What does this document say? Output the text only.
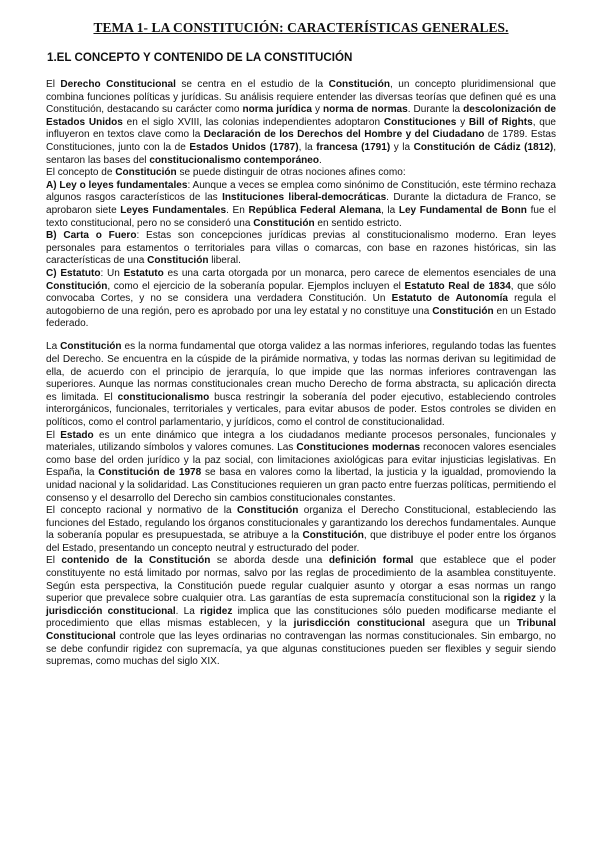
TEMA 1- LA CONSTITUCIÓN: CARACTERÍSTICAS GENERALES.
1.EL CONCEPTO Y CONTENIDO DE LA CONSTITUCIÓN

El Derecho Constitucional se centra en el estudio de la Constitución, un concepto pluridimensional que combina funciones políticas y jurídicas. Su análisis requiere entender las diversas teorías que definen qué es una Constitución, destacando su carácter como norma jurídica y norma de normas. Durante la descolonización de Estados Unidos en el siglo XVIII, las colonias independientes adoptaron Constituciones y Bill of Rights, que influyeron en textos clave como la Declaración de los Derechos del Hombre y del Ciudadano de 1789. Estas Constituciones, junto con la de Estados Unidos (1787), la francesa (1791) y la Constitución de Cádiz (1812), sentaron las bases del constitucionalismo contemporáneo.

El concepto de Constitución se puede distinguir de otras nociones afines como:

A) Ley o leyes fundamentales: Aunque a veces se emplea como sinónimo de Constitución, este término rechaza algunos rasgos característicos de las Instituciones liberal-democráticas. Durante la dictadura de Franco, se aprobaron siete Leyes Fundamentales. En República Federal Alemana, la Ley Fundamental de Bonn fue el texto constitucional, pero no se consideró una Constitución en sentido estricto.

B) Carta o Fuero: Estas son concepciones jurídicas previas al constitucionalismo moderno. Eran leyes personales para estamentos o territoriales para villas o comarcas, con base en razones históricas, sin las características de una Constitución liberal.

C) Estatuto: Un Estatuto es una carta otorgada por un monarca, pero carece de elementos esenciales de una Constitución, como el ejercicio de la soberanía popular. Ejemplos incluyen el Estatuto Real de 1834, que sólo convocaba Cortes, y no se considera una verdadera Constitución. Un Estatuto de Autonomía regula el autogobierno de una región, pero es aprobado por una ley estatal y no constituye una Constitución en un Estado federado.

La Constitución es la norma fundamental que otorga validez a las normas inferiores, regulando todas las fuentes del Derecho. Se encuentra en la cúspide de la pirámide normativa, y todas las normas derivan su legitimidad de ella, de acuerdo con el principio de jerarquía, lo que impide que las normas inferiores contravengan las superiores. Aunque las normas constitucionales crean mucho Derecho de forma abstracta, su aplicación directa es limitada. El constitucionalismo busca restringir la soberanía del poder ejecutivo, estableciendo controles interorgánicos, funcionales, territoriales y verticales, para evitar abusos de poder. Estos controles se dividen en políticos, como el control parlamentario, y jurídicos, como el control de constitucionalidad.

El Estado es un ente dinámico que integra a los ciudadanos mediante procesos personales, funcionales y materiales, utilizando símbolos y valores comunes. Las Constituciones modernas reconocen valores esenciales como base del orden jurídico y la paz social, con limitaciones axiológicas para evitar injusticias legislativas. En España, la Constitución de 1978 se basa en valores como la libertad, la justicia y la igualdad, promoviendo la unidad nacional y la solidaridad. Las Constituciones requieren un gran pacto entre fuerzas políticas, permitiendo el consenso y el desarrollo del Derecho sin cambios constitucionales constantes.

El concepto racional y normativo de la Constitución organiza el Derecho Constitucional, estableciendo las funciones del Estado, regulando los órganos constitucionales y garantizando los derechos fundamentales. Aunque la soberanía popular es presupuestada, se atribuye a la Constitución, que distribuye el poder entre los órganos del Estado, presentando un concepto neutral y estructurado del poder.

El contenido de la Constitución se aborda desde una definición formal que establece que el poder constituyente no está limitado por normas, salvo por las reglas de procedimiento de la asamblea constituyente. Según esta perspectiva, la Constitución puede regular cualquier asunto y otorgar a esas normas un rango superior que prevalece sobre cualquier otra. Las garantías de esta supremacía constitucional son la rigidez y la jurisdicción constitucional. La rigidez implica que las constituciones sólo pueden modificarse mediante el procedimiento que ellas mismas establecen, y la jurisdicción constitucional asegura que un Tribunal Constitucional controle que las leyes ordinarias no contravengan las normas constitucionales. Sin embargo, no se debe confundir rigidez con supremacía, ya que algunas constituciones pueden ser flexibles y seguir siendo supremas, como muchas del siglo XIX.
